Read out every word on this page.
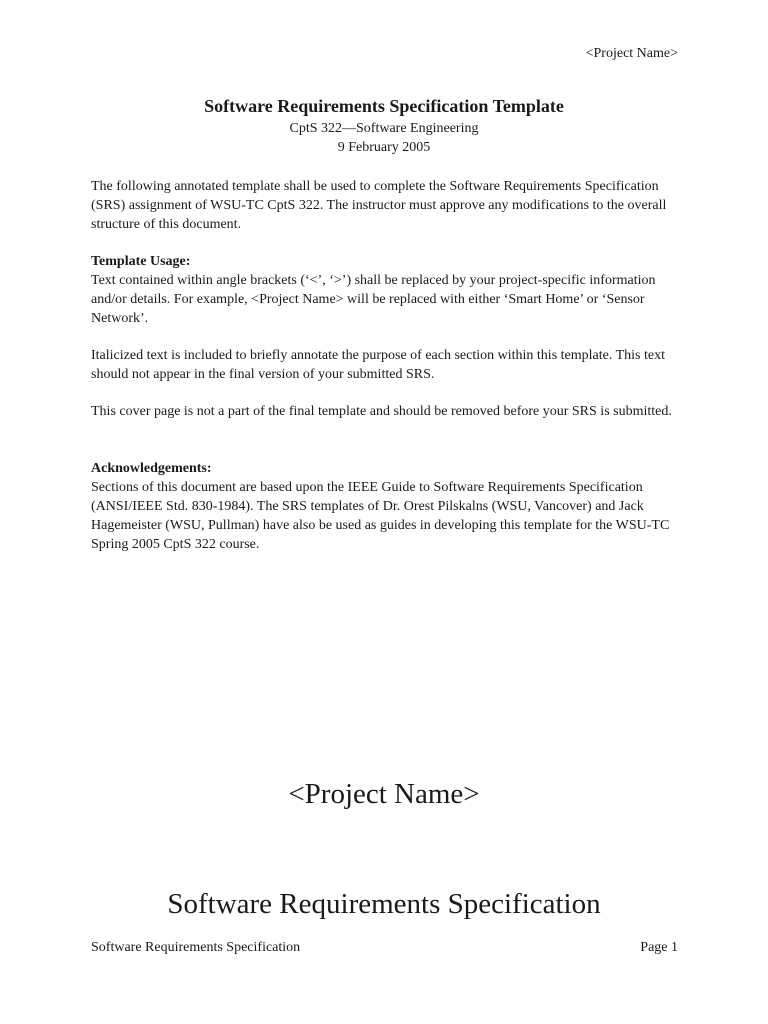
<Project Name>
Software Requirements Specification Template
CptS 322—Software Engineering
9 February 2005

The following annotated template shall be used to complete the Software Requirements Specification (SRS) assignment of WSU-TC CptS 322. The instructor must approve any modifications to the overall structure of this document.

Template Usage:

Text contained within angle brackets (‘<’, ‘>’) shall be replaced by your project-specific information and/or details. For example, <Project Name> will be replaced with either ‘Smart Home’ or ‘Sensor Network’.

Italicized text is included to briefly annotate the purpose of each section within this template. This text should not appear in the final version of your submitted SRS.

This cover page is not a part of the final template and should be removed before your SRS is submitted.

Acknowledgements:

Sections of this document are based upon the IEEE Guide to Software Requirements Specification (ANSI/IEEE Std. 830-1984). The SRS templates of Dr. Orest Pilskalns (WSU, Vancover) and Jack Hagemeister (WSU, Pullman) have also be used as guides in developing this template for the WSU-TC Spring 2005 CptS 322 course.

<Project Name>
Software Requirements Specification
Software Requirements Specification	Page 1
